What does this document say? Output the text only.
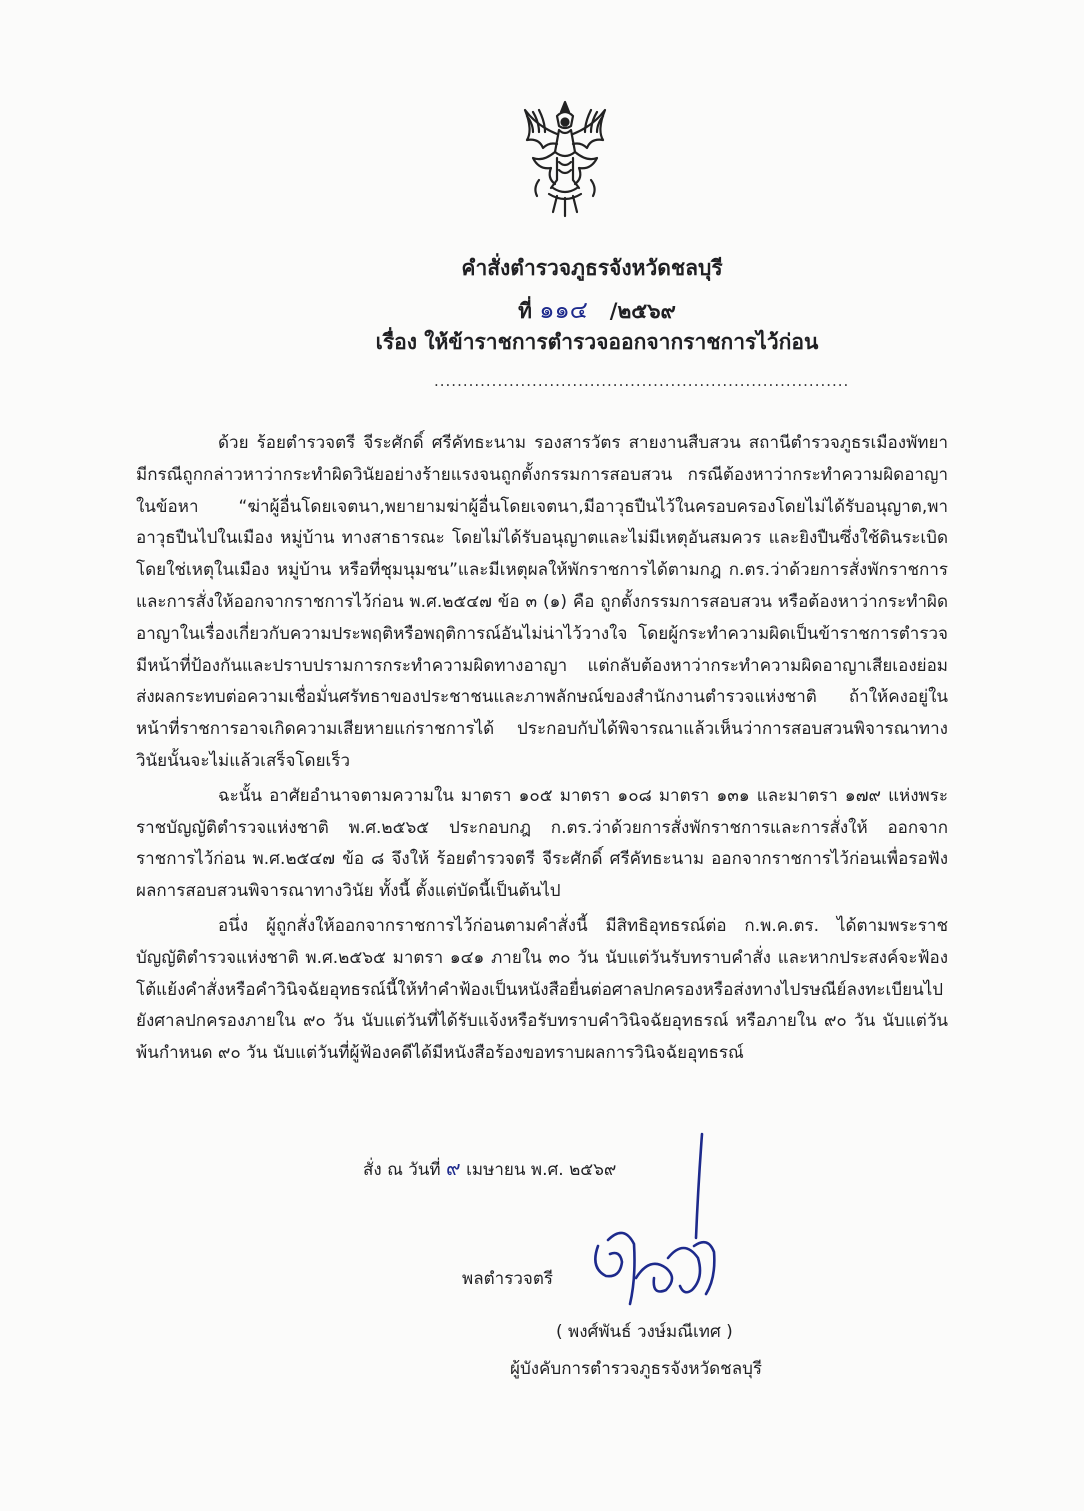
คำสั่งตำรวจภูธรจังหวัดชลบุรี
ที่ ๑๑๔ /๒๕๖๙
เรื่อง ให้ข้าราชการตำรวจออกจากราชการไว้ก่อน
........................................................................

ด้วย ร้อยตำรวจตรี จีระศักดิ์ ศรีคัทธะนาม รองสารวัตร สายงานสืบสวน สถานีตำรวจภูธรเมืองพัทยา มีกรณีถูกกล่าวหาว่ากระทำผิดวินัยอย่างร้ายแรงจนถูกตั้งกรรมการสอบสวน กรณีต้องหาว่ากระทำความผิดอาญาในข้อหา “ฆ่าผู้อื่นโดยเจตนา,พยายามฆ่าผู้อื่นโดยเจตนา,มีอาวุธปืนไว้ในครอบครองโดยไม่ได้รับอนุญาต,พาอาวุธปืนไปในเมือง หมู่บ้าน ทางสาธารณะ โดยไม่ได้รับอนุญาตและไม่มีเหตุอันสมควร และยิงปืนซึ่งใช้ดินระเบิดโดยใช่เหตุในเมือง หมู่บ้าน หรือที่ชุมนุมชน”และมีเหตุผลให้พักราชการได้ตามกฎ ก.ตร.ว่าด้วยการสั่งพักราชการและการสั่งให้ออกจากราชการไว้ก่อน พ.ศ.๒๕๔๗ ข้อ ๓ (๑) คือ ถูกตั้งกรรมการสอบสวน หรือต้องหาว่ากระทำผิดอาญาในเรื่องเกี่ยวกับความประพฤติหรือพฤติการณ์อันไม่น่าไว้วางใจ โดยผู้กระทำความผิดเป็นข้าราชการตำรวจ มีหน้าที่ป้องกันและปราบปรามการกระทำความผิดทางอาญา แต่กลับต้องหาว่ากระทำความผิดอาญาเสียเองย่อมส่งผลกระทบต่อความเชื่อมั่นศรัทธาของประชาชนและภาพลักษณ์ของสำนักงานตำรวจแห่งชาติ ถ้าให้คงอยู่ในหน้าที่ราชการอาจเกิดความเสียหายแก่ราชการได้ ประกอบกับได้พิจารณาแล้วเห็นว่าการสอบสวนพิจารณาทางวินัยนั้นจะไม่แล้วเสร็จโดยเร็ว

ฉะนั้น อาศัยอำนาจตามความใน มาตรา ๑๐๕ มาตรา ๑๐๘ มาตรา ๑๓๑ และมาตรา ๑๗๙ แห่งพระราชบัญญัติตำรวจแห่งชาติ พ.ศ.๒๕๖๕ ประกอบกฎ ก.ตร.ว่าด้วยการสั่งพักราชการและการสั่งให้ ออกจากราชการไว้ก่อน พ.ศ.๒๕๔๗ ข้อ ๘ จึงให้ ร้อยตำรวจตรี จีระศักดิ์ ศรีคัทธะนาม ออกจากราชการไว้ก่อนเพื่อรอฟังผลการสอบสวนพิจารณาทางวินัย ทั้งนี้ ตั้งแต่บัดนี้เป็นต้นไป

อนึ่ง ผู้ถูกสั่งให้ออกจากราชการไว้ก่อนตามคำสั่งนี้ มีสิทธิอุทธรณ์ต่อ ก.พ.ค.ตร. ได้ตามพระราชบัญญัติตำรวจแห่งชาติ พ.ศ.๒๕๖๕ มาตรา ๑๔๑ ภายใน ๓๐ วัน นับแต่วันรับทราบคำสั่ง และหากประสงค์จะฟ้องโต้แย้งคำสั่งหรือคำวินิจฉัยอุทธรณ์นี้ให้ทำคำฟ้องเป็นหนังสือยื่นต่อศาลปกครองหรือส่งทางไปรษณีย์ลงทะเบียนไปยังศาลปกครองภายใน ๙๐ วัน นับแต่วันที่ได้รับแจ้งหรือรับทราบคำวินิจฉัยอุทธรณ์ หรือภายใน ๙๐ วัน นับแต่วันพ้นกำหนด ๙๐ วัน นับแต่วันที่ผู้ฟ้องคดีได้มีหนังสือร้องขอทราบผลการวินิจฉัยอุทธรณ์

สั่ง ณ วันที่ ๙ เมษายน พ.ศ. ๒๕๖๙
พลตำรวจตรี
( พงศ์พันธ์ วงษ์มณีเทศ )
ผู้บังคับการตำรวจภูธรจังหวัดชลบุรี
